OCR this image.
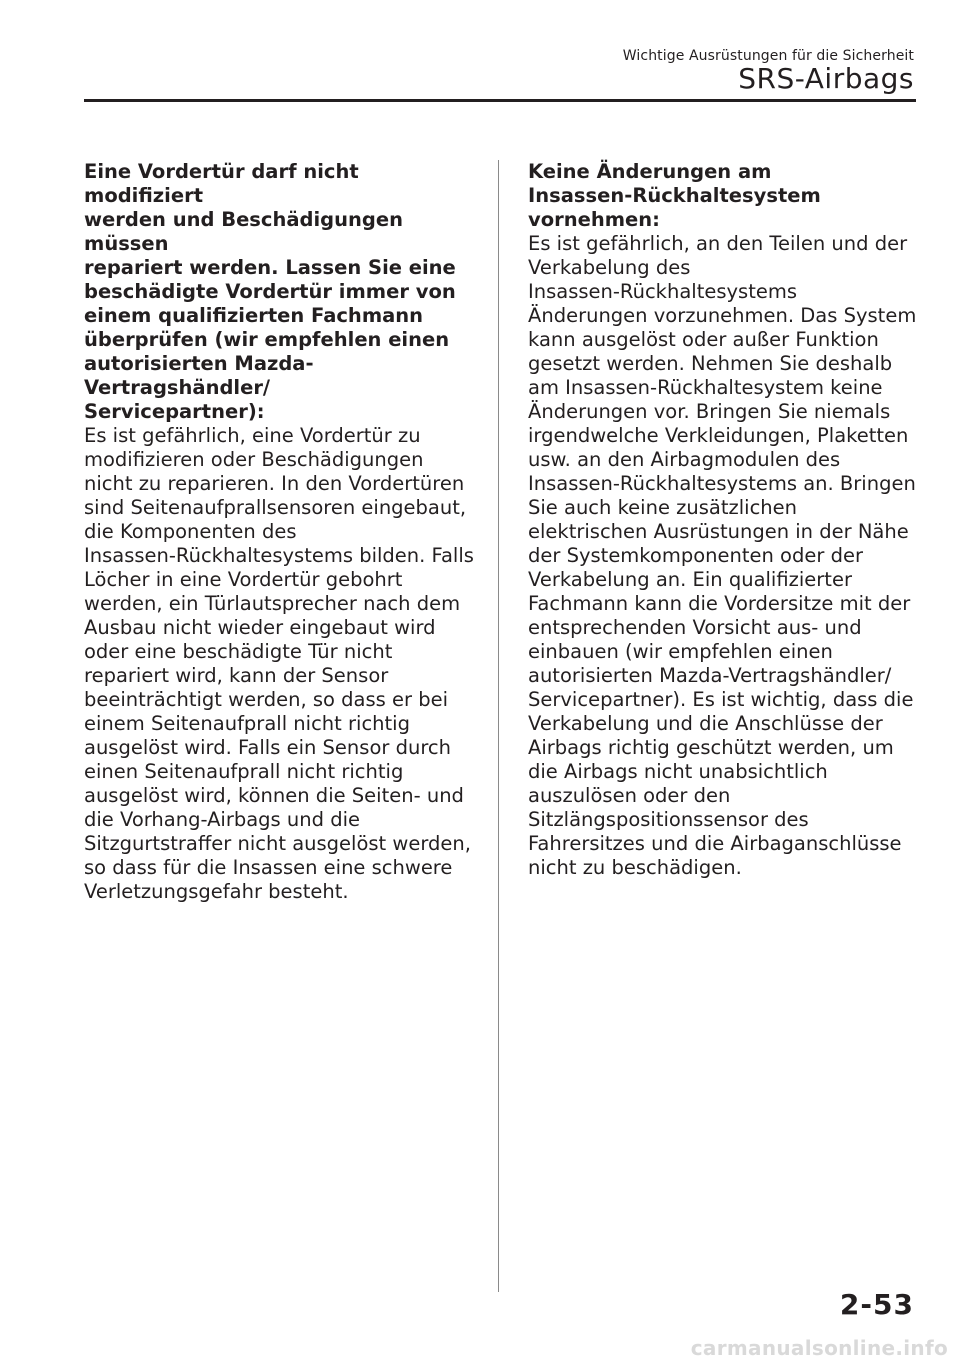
Wichtige Ausrüstungen für die Sicherheit
SRS-Airbags

Eine Vordertür darf nicht modifiziert
werden und Beschädigungen müssen
repariert werden. Lassen Sie eine
beschädigte Vordertür immer von
einem qualifizierten Fachmann
überprüfen (wir empfehlen einen
autorisierten Mazda-Vertragshändler/
Servicepartner):

Es ist gefährlich, eine Vordertür zu
modifizieren oder Beschädigungen
nicht zu reparieren. In den Vordertüren
sind Seitenaufprallsensoren eingebaut,
die Komponenten des
Insassen-Rückhaltesystems bilden. Falls
Löcher in eine Vordertür gebohrt
werden, ein Türlautsprecher nach dem
Ausbau nicht wieder eingebaut wird
oder eine beschädigte Tür nicht
repariert wird, kann der Sensor
beeinträchtigt werden, so dass er bei
einem Seitenaufprall nicht richtig
ausgelöst wird. Falls ein Sensor durch
einen Seitenaufprall nicht richtig
ausgelöst wird, können die Seiten- und
die Vorhang-Airbags und die
Sitzgurtstraffer nicht ausgelöst werden,
so dass für die Insassen eine schwere
Verletzungsgefahr besteht.

Keine Änderungen am
Insassen-Rückhaltesystem
vornehmen:

Es ist gefährlich, an den Teilen und der
Verkabelung des
Insassen-Rückhaltesystems
Änderungen vorzunehmen. Das System
kann ausgelöst oder außer Funktion
gesetzt werden. Nehmen Sie deshalb
am Insassen-Rückhaltesystem keine
Änderungen vor. Bringen Sie niemals
irgendwelche Verkleidungen, Plaketten
usw. an den Airbagmodulen des
Insassen-Rückhaltesystems an. Bringen
Sie auch keine zusätzlichen
elektrischen Ausrüstungen in der Nähe
der Systemkomponenten oder der
Verkabelung an. Ein qualifizierter
Fachmann kann die Vordersitze mit der
entsprechenden Vorsicht aus- und
einbauen (wir empfehlen einen
autorisierten Mazda-Vertragshändler/
Servicepartner). Es ist wichtig, dass die
Verkabelung und die Anschlüsse der
Airbags richtig geschützt werden, um
die Airbags nicht unabsichtlich
auszulösen oder den
Sitzlängspositionssensor des
Fahrersitzes und die Airbaganschlüsse
nicht zu beschädigen.

2-53
carmanualsonline.info
